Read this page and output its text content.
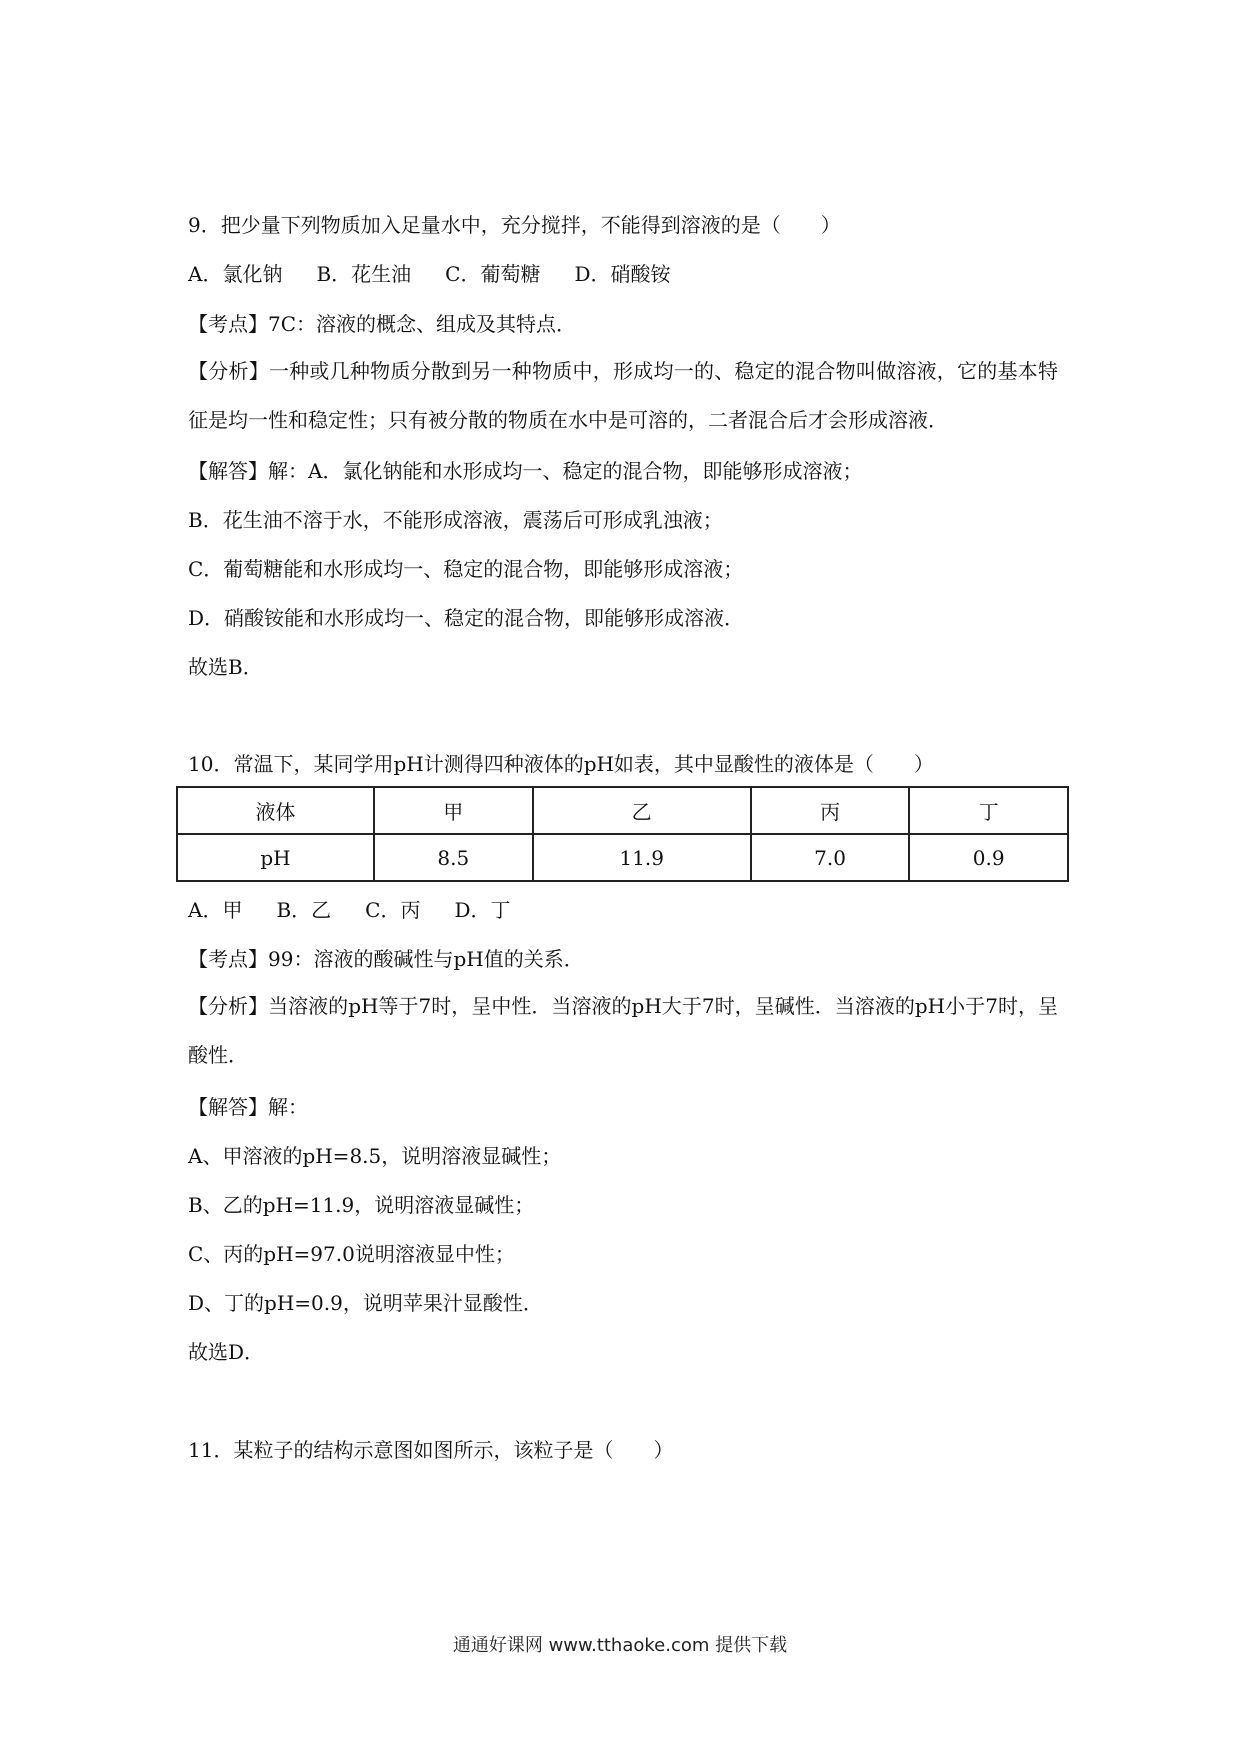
9．把少量下列物质加入足量水中，充分搅拌，不能得到溶液的是（　　）

A．氯化钠 B．花生油 C．葡萄糖 D．硝酸铵

【考点】7C：溶液的概念、组成及其特点．

【分析】一种或几种物质分散到另一种物质中，形成均一的、稳定的混合物叫做溶液，它的基本特征是均一性和稳定性；只有被分散的物质在水中是可溶的，二者混合后才会形成溶液．

【解答】解：A．氯化钠能和水形成均一、稳定的混合物，即能够形成溶液；

B．花生油不溶于水，不能形成溶液，震荡后可形成乳浊液；

C．葡萄糖能和水形成均一、稳定的混合物，即能够形成溶液；

D．硝酸铵能和水形成均一、稳定的混合物，即能够形成溶液．

故选B．

10．常温下，某同学用pH计测得四种液体的pH如表，其中显酸性的液体是（　　）

液体	甲	乙	丙	丁
pH	8.5	11.9	7.0	0.9

A．甲 B．乙 C．丙 D．丁

【考点】99：溶液的酸碱性与pH值的关系．

【分析】当溶液的pH等于7时，呈中性．当溶液的pH大于7时，呈碱性．当溶液的pH小于7时，呈酸性．

【解答】解：

A、甲溶液的pH=8.5，说明溶液显碱性；

B、乙的pH=11.9，说明溶液显碱性；

C、丙的pH=97.0说明溶液显中性；

D、丁的pH=0.9，说明苹果汁显酸性．

故选D．

11．某粒子的结构示意图如图所示，该粒子是（　　）

通通好课网 www.tthaoke.com 提供下载
